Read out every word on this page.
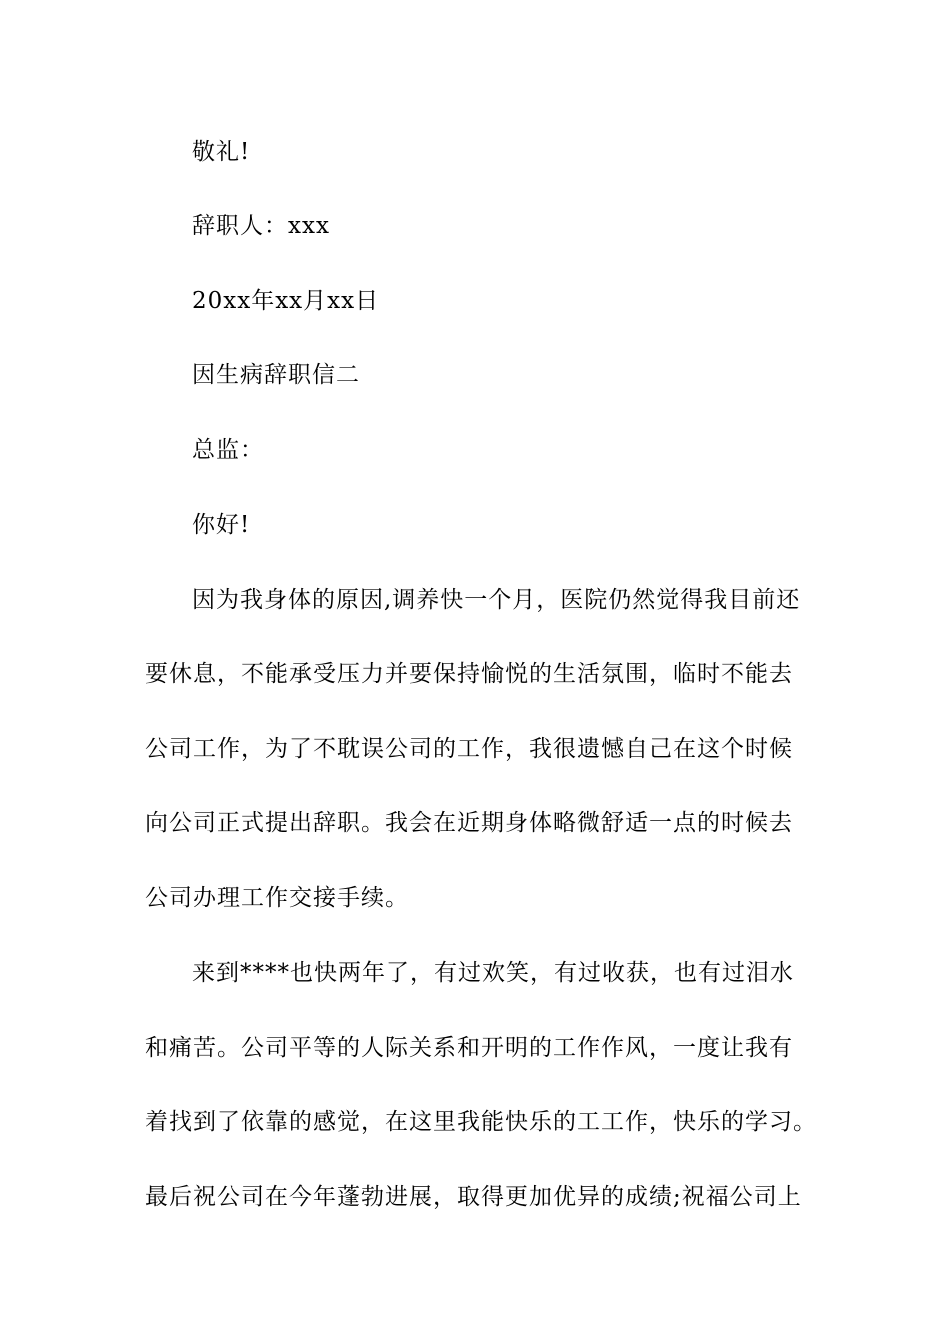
敬礼!
辞职人：xxx
20xx年xx月xx日
因生病辞职信二
总监：
你好!
因为我身体的原因,调养快一个月，医院仍然觉得我目前还
要休息，不能承受压力并要保持愉悦的生活氛围，临时不能去
公司工作，为了不耽误公司的工作，我很遗憾自己在这个时候
向公司正式提出辞职。我会在近期身体略微舒适一点的时候去
公司办理工作交接手续。
来到****也快两年了，有过欢笑，有过收获，也有过泪水
和痛苦。公司平等的人际关系和开明的工作作风，一度让我有
着找到了依靠的感觉，在这里我能快乐的工工作，快乐的学习。
最后祝公司在今年蓬勃进展，取得更加优异的成绩;祝福公司上
